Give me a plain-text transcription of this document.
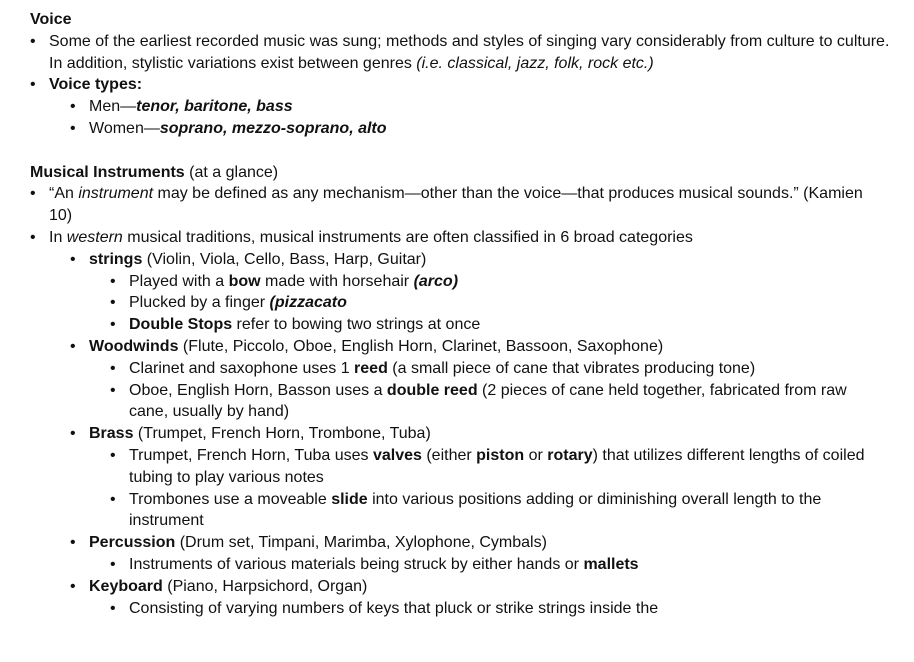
Voice
• Some of the earliest recorded music was sung; methods and styles of singing vary considerably from culture to culture. In addition, stylistic variations exist between genres (i.e. classical, jazz, folk, rock etc.)
• Voice types:
• Men—tenor, baritone, bass
• Women—soprano, mezzo-soprano, alto
Musical Instruments (at a glance)
• “An instrument may be defined as any mechanism—other than the voice—that produces musical sounds.” (Kamien 10)
• In western musical traditions, musical instruments are often classified in 6 broad categories
• strings (Violin, Viola, Cello, Bass, Harp, Guitar)
• Played with a bow made with horsehair (arco)
• Plucked by a finger (pizzacato
• Double Stops refer to bowing two strings at once
• Woodwinds (Flute, Piccolo, Oboe, English Horn, Clarinet, Bassoon, Saxophone)
• Clarinet and saxophone uses 1 reed (a small piece of cane that vibrates producing tone)
• Oboe, English Horn, Basson uses a double reed (2 pieces of cane held together, fabricated from raw cane, usually by hand)
• Brass (Trumpet, French Horn, Trombone, Tuba)
• Trumpet, French Horn, Tuba uses valves (either piston or rotary) that utilizes different lengths of coiled tubing to play various notes
• Trombones use a moveable slide into various positions adding or diminishing overall length to the instrument
• Percussion (Drum set, Timpani, Marimba, Xylophone, Cymbals)
• Instruments of various materials being struck by either hands or mallets
• Keyboard (Piano, Harpsichord, Organ)
• Consisting of varying numbers of keys that pluck or strike strings inside the
